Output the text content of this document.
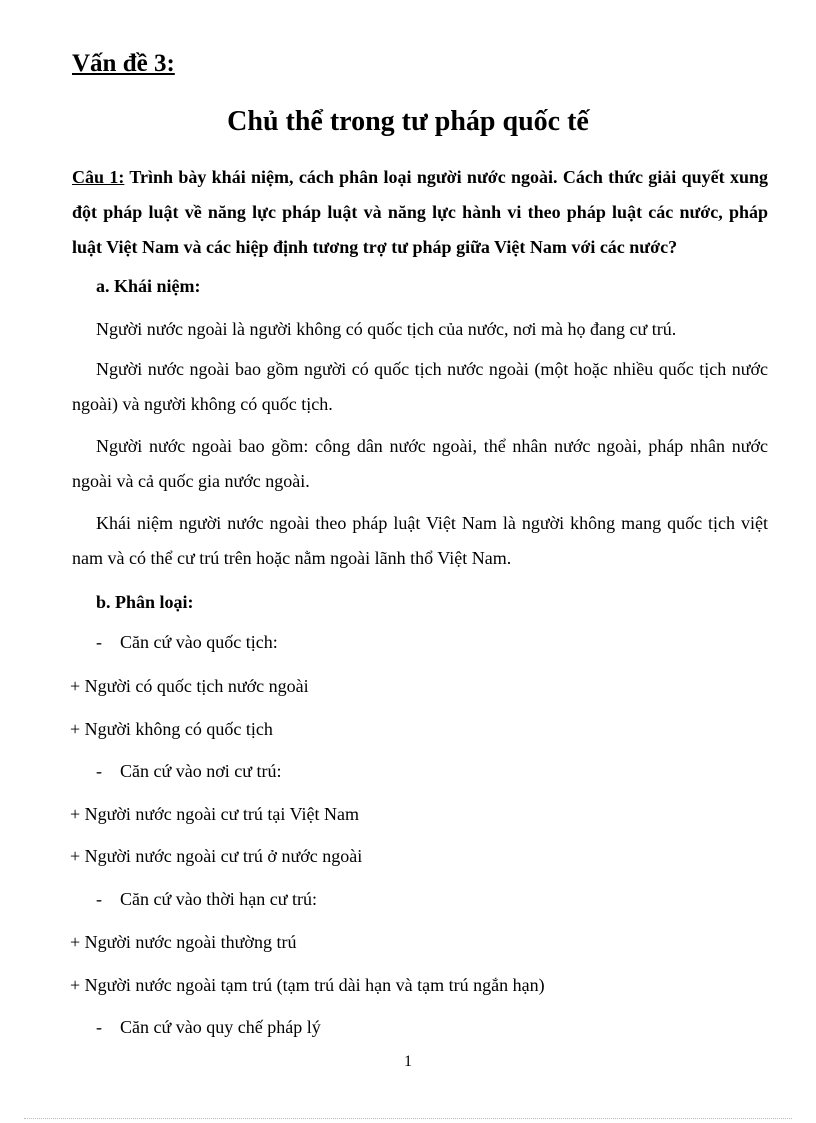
Vấn đề 3:
Chủ thể trong tư pháp quốc tế

Câu 1: Trình bày khái niệm, cách phân loại người nước ngoài. Cách thức giải quyết xung đột pháp luật về năng lực pháp luật và năng lực hành vi theo pháp luật các nước, pháp luật Việt Nam và các hiệp định tương trợ tư pháp giữa Việt Nam với các nước?

a. Khái niệm:

Người nước ngoài là người không có quốc tịch của nước, nơi mà họ đang cư trú.

Người nước ngoài bao gồm người có quốc tịch nước ngoài (một hoặc nhiều quốc tịch nước ngoài) và người không có quốc tịch.

Người nước ngoài bao gồm: công dân nước ngoài, thể nhân nước ngoài, pháp nhân nước ngoài và cả quốc gia nước ngoài.

Khái niệm người nước ngoài theo pháp luật Việt Nam là người không mang quốc tịch việt nam và có thể cư trú trên hoặc nằm ngoài lãnh thổ Việt Nam.

b. Phân loại:

- Căn cứ vào quốc tịch:

+ Người có quốc tịch nước ngoài

+ Người không có quốc tịch

- Căn cứ vào nơi cư trú:

+ Người nước ngoài cư trú tại Việt Nam

+ Người nước ngoài cư trú ở nước ngoài

- Căn cứ vào thời hạn cư trú:

+ Người nước ngoài thường trú

+ Người nước ngoài tạm trú (tạm trú dài hạn và tạm trú ngắn hạn)

- Căn cứ vào quy chế pháp lý

1
